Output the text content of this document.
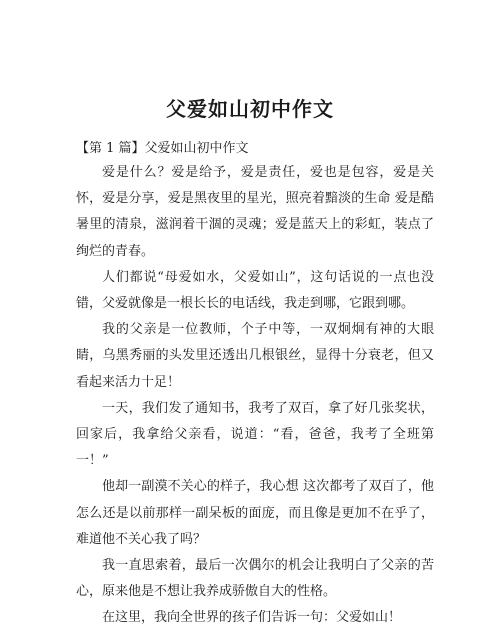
父爱如山初中作文
【第 1 篇】父爱如山初中作文

爱是什么？爱是给予，爱是责任，爱也是包容，爱是关怀，爱是分享，爱是黑夜里的星光，照亮着黯淡的生命 爱是酷暑里的清泉，滋润着干涸的灵魂；爱是蓝天上的彩虹，装点了绚烂的青春。

人们都说“母爱如水，父爱如山”，这句话说的一点也没错，父爱就像是一根长长的电话线，我走到哪，它跟到哪。

我的父亲是一位教师，个子中等，一双炯炯有神的大眼睛，乌黑秀丽的头发里还透出几根银丝，显得十分衰老，但又看起来活力十足！

一天，我们发了通知书，我考了双百，拿了好几张奖状，回家后，我拿给父亲看，说道：“看，爸爸，我考了全班第一！”

他却一副漠不关心的样子，我心想 这次都考了双百了，他怎么还是以前那样一副呆板的面庞，而且像是更加不在乎了，难道他不关心我了吗？

我一直思索着，最后一次偶尔的机会让我明白了父亲的苦心，原来他是不想让我养成骄傲自大的性格。

在这里，我向全世界的孩子们告诉一句：父爱如山！
